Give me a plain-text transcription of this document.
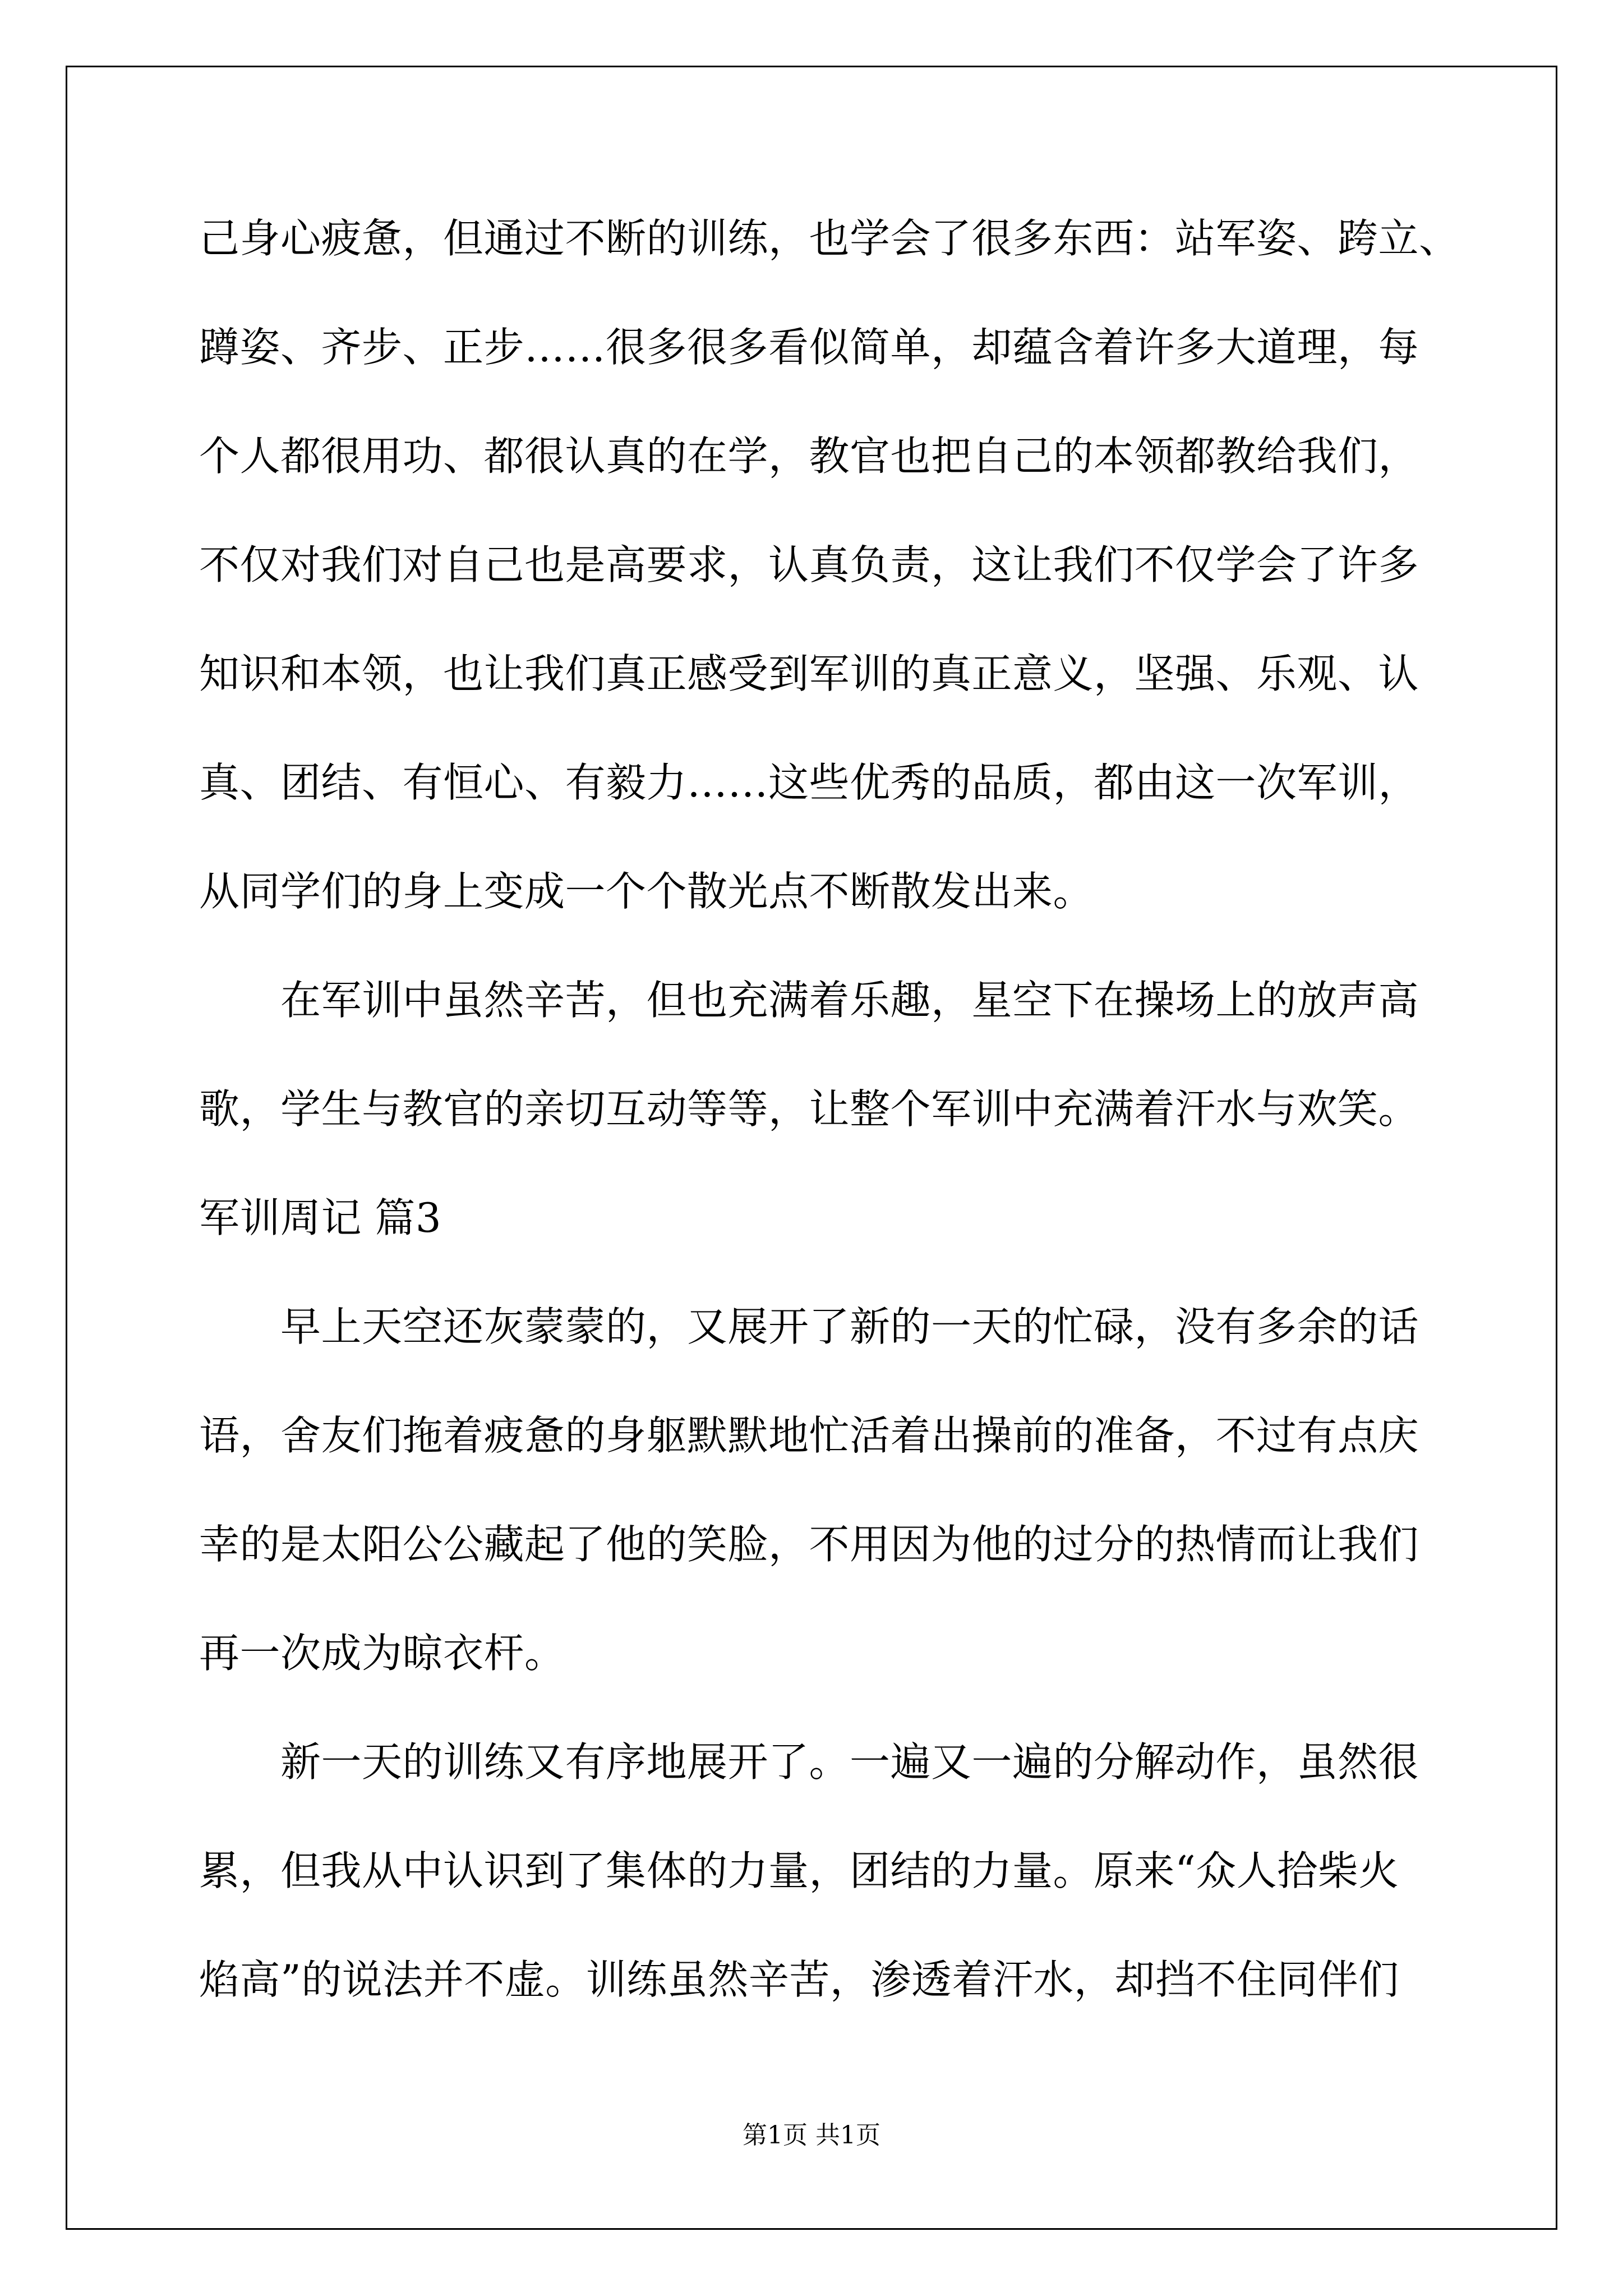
己身心疲惫，但通过不断的训练，也学会了很多东西：站军姿、跨立、
蹲姿、齐步、正步……很多很多看似简单，却蕴含着许多大道理，每
个人都很用功、都很认真的在学，教官也把自己的本领都教给我们，
不仅对我们对自己也是高要求，认真负责，这让我们不仅学会了许多
知识和本领，也让我们真正感受到军训的真正意义，坚强、乐观、认
真、团结、有恒心、有毅力……这些优秀的品质，都由这一次军训，
从同学们的身上变成一个个散光点不断散发出来。
在军训中虽然辛苦，但也充满着乐趣，星空下在操场上的放声高
歌，学生与教官的亲切互动等等，让整个军训中充满着汗水与欢笑。
军训周记 篇3
早上天空还灰蒙蒙的，又展开了新的一天的忙碌，没有多余的话
语，舍友们拖着疲惫的身躯默默地忙活着出操前的准备，不过有点庆
幸的是太阳公公藏起了他的笑脸，不用因为他的过分的热情而让我们
再一次成为晾衣杆。
新一天的训练又有序地展开了。一遍又一遍的分解动作，虽然很
累，但我从中认识到了集体的力量，团结的力量。原来“众人拾柴火
焰高”的说法并不虚。训练虽然辛苦，渗透着汗水，却挡不住同伴们
第1页 共1页
